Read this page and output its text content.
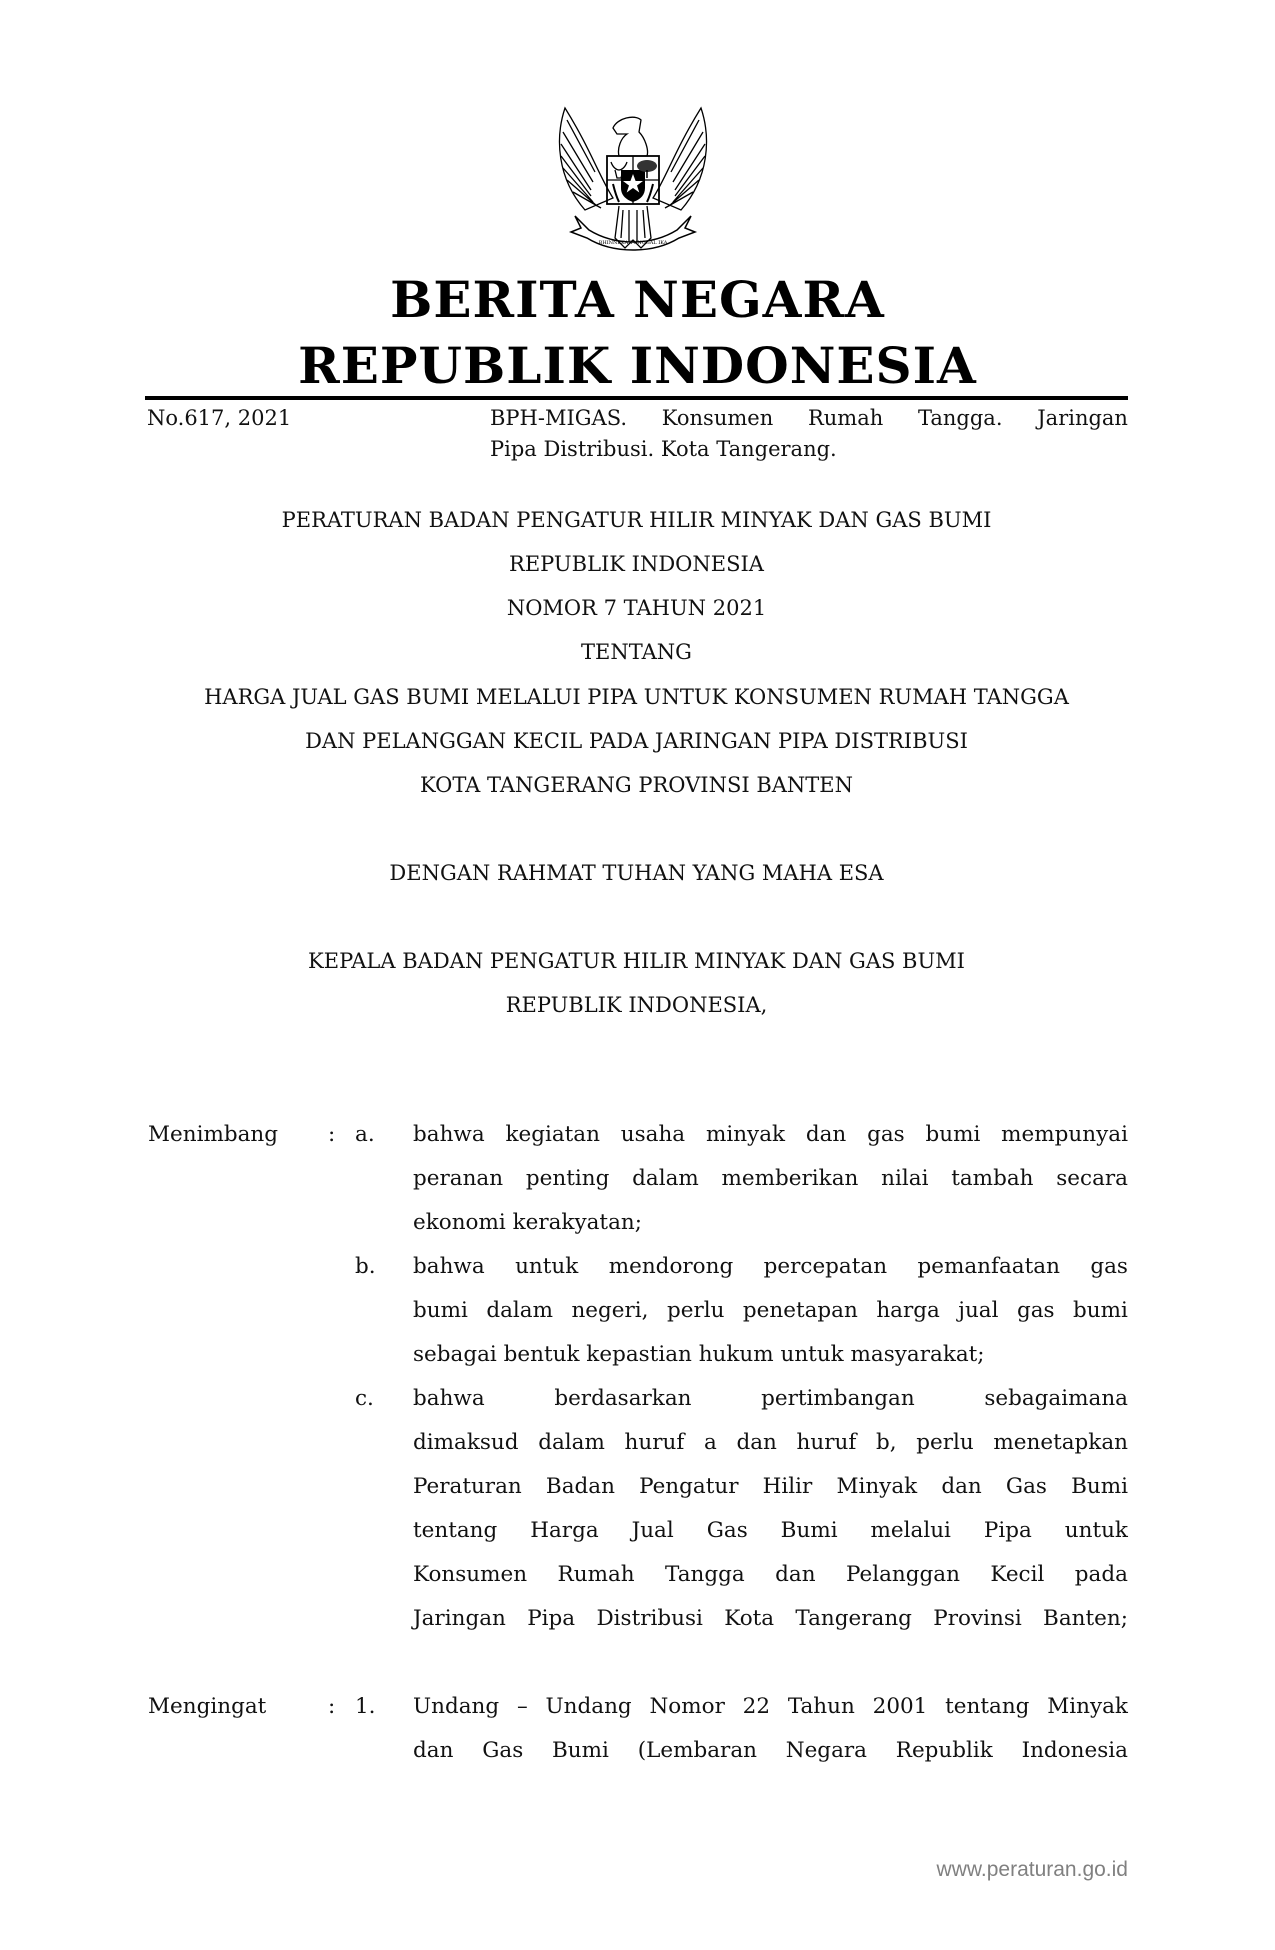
BHINNEKA TUNGGAL IKA
BERITA NEGARA
REPUBLIK INDONESIA
No.617, 2021	BPH-MIGAS. Konsumen Rumah Tangga. Jaringan
Pipa Distribusi. Kota Tangerang.
PERATURAN BADAN PENGATUR HILIR MINYAK DAN GAS BUMI
REPUBLIK INDONESIA
NOMOR 7 TAHUN 2021
TENTANG
HARGA JUAL GAS BUMI MELALUI PIPA UNTUK KONSUMEN RUMAH TANGGA
DAN PELANGGAN KECIL PADA JARINGAN PIPA DISTRIBUSI
KOTA TANGERANG PROVINSI BANTEN
DENGAN RAHMAT TUHAN YANG MAHA ESA
KEPALA BADAN PENGATUR HILIR MINYAK DAN GAS BUMI
REPUBLIK INDONESIA,
Menimbang : a. bahwa kegiatan usaha minyak dan gas bumi mempunyai
peranan penting dalam memberikan nilai tambah secara
ekonomi kerakyatan;
b. bahwa untuk mendorong percepatan pemanfaatan gas
bumi dalam negeri, perlu penetapan harga jual gas bumi
sebagai bentuk kepastian hukum untuk masyarakat;
c. bahwa	berdasarkan	pertimbangan	sebagaimana
dimaksud dalam huruf a dan huruf b, perlu menetapkan
Peraturan Badan Pengatur Hilir Minyak dan Gas Bumi
tentang Harga Jual Gas Bumi melalui Pipa untuk
Konsumen Rumah Tangga dan Pelanggan Kecil pada
Jaringan Pipa Distribusi Kota Tangerang Provinsi Banten;
Mengingat	: 1. Undang – Undang Nomor 22 Tahun 2001 tentang Minyak
dan Gas Bumi (Lembaran Negara Republik Indonesia
www.peraturan.go.id
